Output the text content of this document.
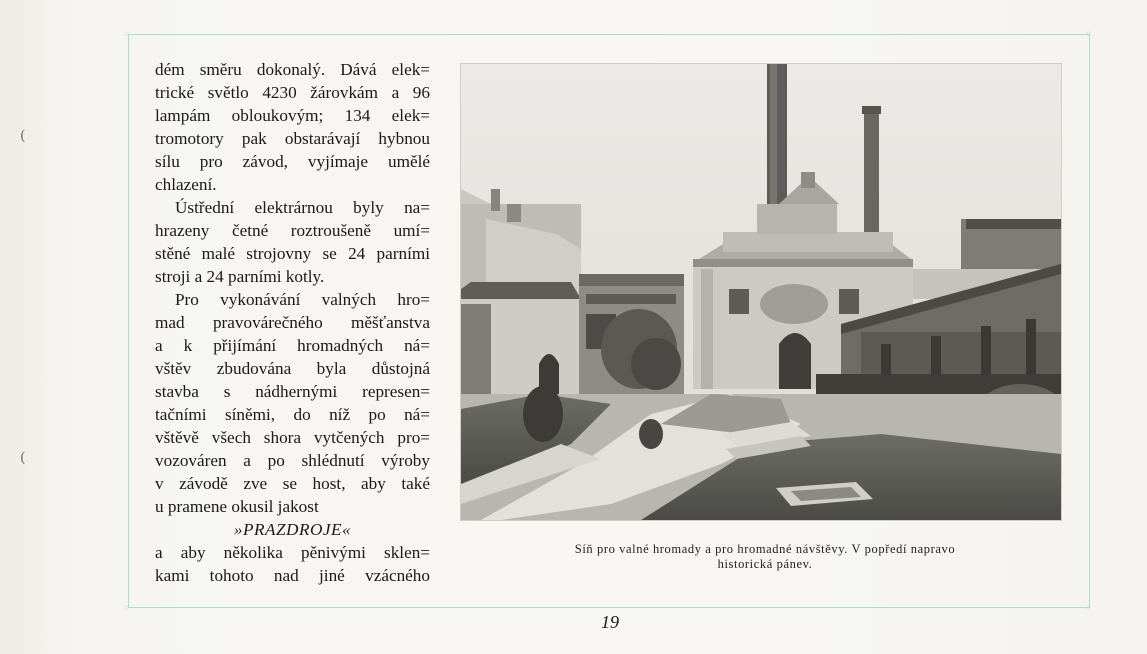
(
(
◦	◦
◦	◦
dém směru dokonalý. Dává elek=
trické světlo 4230 žárovkám a 96
lampám obloukovým; 134 elek=
tromotory pak obstarávají hybnou
sílu pro závod, vyjímaje umělé
chlazení.
Ústřední elektrárnou byly na=
hrazeny četné roztroušeně umí=
stěné malé strojovny se 24 parními
stroji a 24 parními kotly.
Pro vykonávání valných hro=
mad pravovárečného měšťanstva
a k přijímání hromadných ná=
vštěv zbudována byla důstojná
stavba s nádhernými represen=
tačními síněmi, do níž po ná=
vštěvě všech shora vytčených pro=
vozováren a po shlédnutí výroby
v závodě zve se host, aby také
u pramene okusil jakost
»PRAZDROJE«
a aby několika pěnivými sklen=
kami tohoto nad jiné vzácného
Síň pro valné hromady a pro hromadné návštěvy. V popředí napravo
historická pánev.
19
